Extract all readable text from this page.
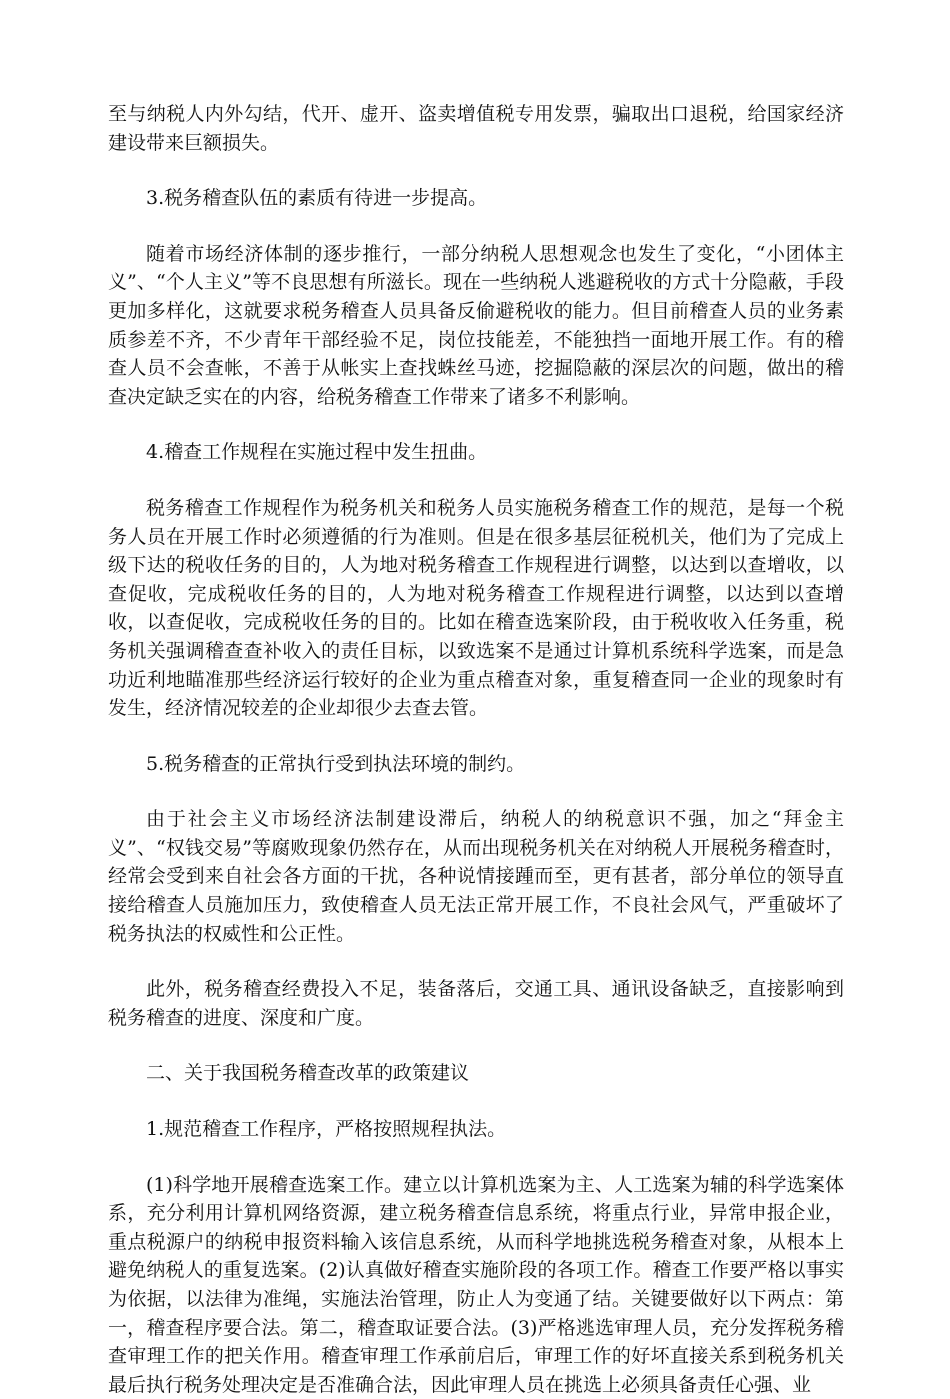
至与纳税人内外勾结，代开、虚开、盗卖增值税专用发票，骗取出口退税，给国家经济建设带来巨额损失。

3.税务稽查队伍的素质有待进一步提高。

随着市场经济体制的逐步推行，一部分纳税人思想观念也发生了变化，“小团体主义”、“个人主义”等不良思想有所滋长。现在一些纳税人逃避税收的方式十分隐蔽，手段更加多样化，这就要求税务稽查人员具备反偷避税收的能力。但目前稽查人员的业务素质参差不齐，不少青年干部经验不足，岗位技能差，不能独挡一面地开展工作。有的稽查人员不会查帐，不善于从帐实上查找蛛丝马迹，挖掘隐蔽的深层次的问题，做出的稽查决定缺乏实在的内容，给税务稽查工作带来了诸多不利影响。

4.稽查工作规程在实施过程中发生扭曲。

税务稽查工作规程作为税务机关和税务人员实施税务稽查工作的规范，是每一个税务人员在开展工作时必须遵循的行为准则。但是在很多基层征税机关，他们为了完成上级下达的税收任务的目的，人为地对税务稽查工作规程进行调整，以达到以查增收，以查促收，完成税收任务的目的，人为地对税务稽查工作规程进行调整，以达到以查增收，以查促收，完成税收任务的目的。比如在稽查选案阶段，由于税收收入任务重，税务机关强调稽查查补收入的责任目标，以致选案不是通过计算机系统科学选案，而是急功近利地瞄准那些经济运行较好的企业为重点稽查对象，重复稽查同一企业的现象时有发生，经济情况较差的企业却很少去查去管。

5.税务稽查的正常执行受到执法环境的制约。

由于社会主义市场经济法制建设滞后，纳税人的纳税意识不强，加之“拜金主义”、“权钱交易”等腐败现象仍然存在，从而出现税务机关在对纳税人开展税务稽查时，经常会受到来自社会各方面的干扰，各种说情接踵而至，更有甚者，部分单位的领导直接给稽查人员施加压力，致使稽查人员无法正常开展工作，不良社会风气，严重破坏了税务执法的权威性和公正性。

此外，税务稽查经费投入不足，装备落后，交通工具、通讯设备缺乏，直接影响到税务稽查的进度、深度和广度。

二、关于我国税务稽查改革的政策建议

1.规范稽查工作程序，严格按照规程执法。

(1)科学地开展稽查选案工作。建立以计算机选案为主、人工选案为辅的科学选案体系，充分利用计算机网络资源，建立税务稽查信息系统，将重点行业，异常申报企业，重点税源户的纳税申报资料输入该信息系统，从而科学地挑选税务稽查对象，从根本上避免纳税人的重复选案。(2)认真做好稽查实施阶段的各项工作。稽查工作要严格以事实为依据，以法律为准绳，实施法治管理，防止人为变通了结。关键要做好以下两点：第一，稽查程序要合法。第二，稽查取证要合法。(3)严格逃选审理人员，充分发挥税务稽查审理工作的把关作用。稽查审理工作承前启后，审理工作的好坏直接关系到税务机关最后执行税务处理决定是否准确合法，因此审理人员在挑选上必须具备责任心强、业
